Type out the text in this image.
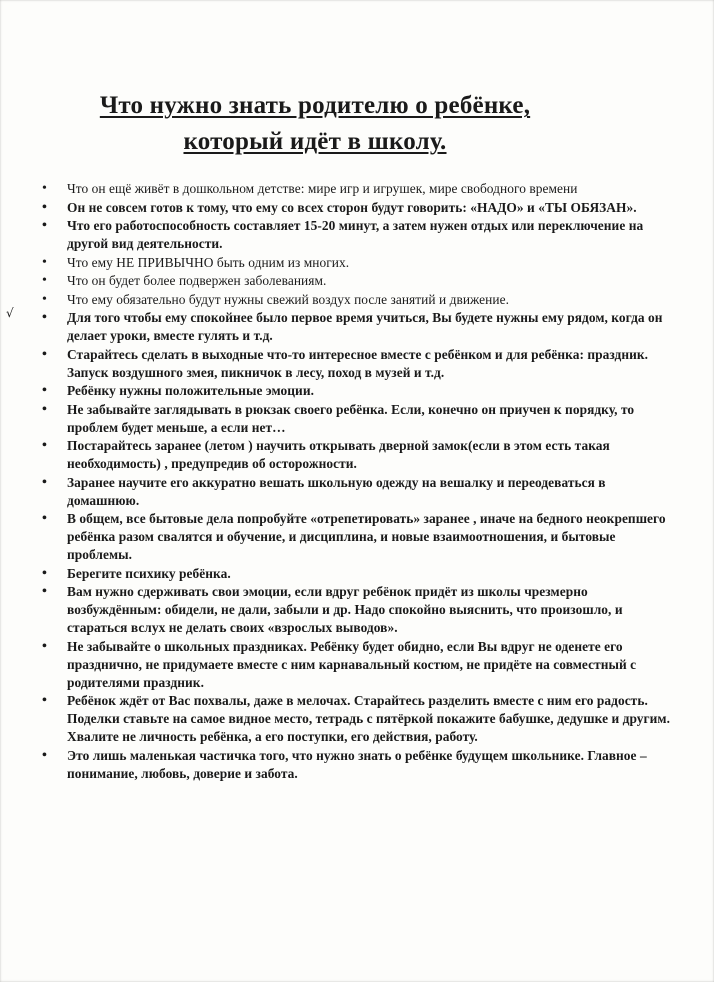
Что нужно знать родителю о ребёнке,
который идёт в школу.
√
• Что он ещё живёт в дошкольном детстве: мире игр и игрушек, мире свободного времени
• Он не совсем готов к тому, что ему со всех сторон будут говорить: «НАДО» и «ТЫ ОБЯЗАН».
• Что его работоспособность составляет 15-20 минут, а затем нужен отдых или переключение на другой вид деятельности.
• Что ему НЕ ПРИВЫЧНО быть одним из многих.
• Что он будет более подвержен заболеваниям.
• Что ему обязательно будут нужны свежий воздух после занятий и движение.
• Для того чтобы ему спокойнее было первое время учиться, Вы будете нужны ему рядом, когда он делает уроки, вместе гулять и т.д.
• Старайтесь сделать в выходные что-то интересное вместе с ребёнком и для ребёнка: праздник. Запуск воздушного змея, пикничок в лесу, поход в музей и т.д.
• Ребёнку нужны положительные эмоции.
• Не забывайте заглядывать в рюкзак своего ребёнка. Если, конечно он приучен к порядку, то проблем будет меньше, а если нет…
• Постарайтесь заранее (летом ) научить открывать дверной замок(если в этом есть такая необходимость) , предупредив об осторожности.
• Заранее научите его аккуратно вешать школьную одежду на вешалку и переодеваться в домашнюю.
• В общем, все бытовые дела попробуйте «отрепетировать» заранее , иначе на бедного неокрепшего ребёнка разом свалятся и обучение, и дисциплина, и новые взаимоотношения, и бытовые проблемы.
• Берегите психику ребёнка.
• Вам нужно сдерживать свои эмоции, если вдруг ребёнок придёт из школы чрезмерно возбуждённым: обидели, не дали, забыли и др. Надо спокойно выяснить, что произошло, и стараться вслух не делать своих «взрослых выводов».
• Не забывайте о школьных праздниках. Ребёнку будет обидно, если Вы вдруг не оденете его празднично, не придумаете вместе с ним карнавальный костюм, не придёте на совместный с родителями праздник.
• Ребёнок ждёт от Вас похвалы, даже в мелочах. Старайтесь разделить вместе с ним его радость. Поделки ставьте на самое видное место, тетрадь с пятёркой покажите бабушке, дедушке и другим. Хвалите не личность ребёнка, а его поступки, его действия, работу.
• Это лишь маленькая частичка того, что нужно знать о ребёнке будущем школьнике. Главное – понимание, любовь, доверие и забота.
